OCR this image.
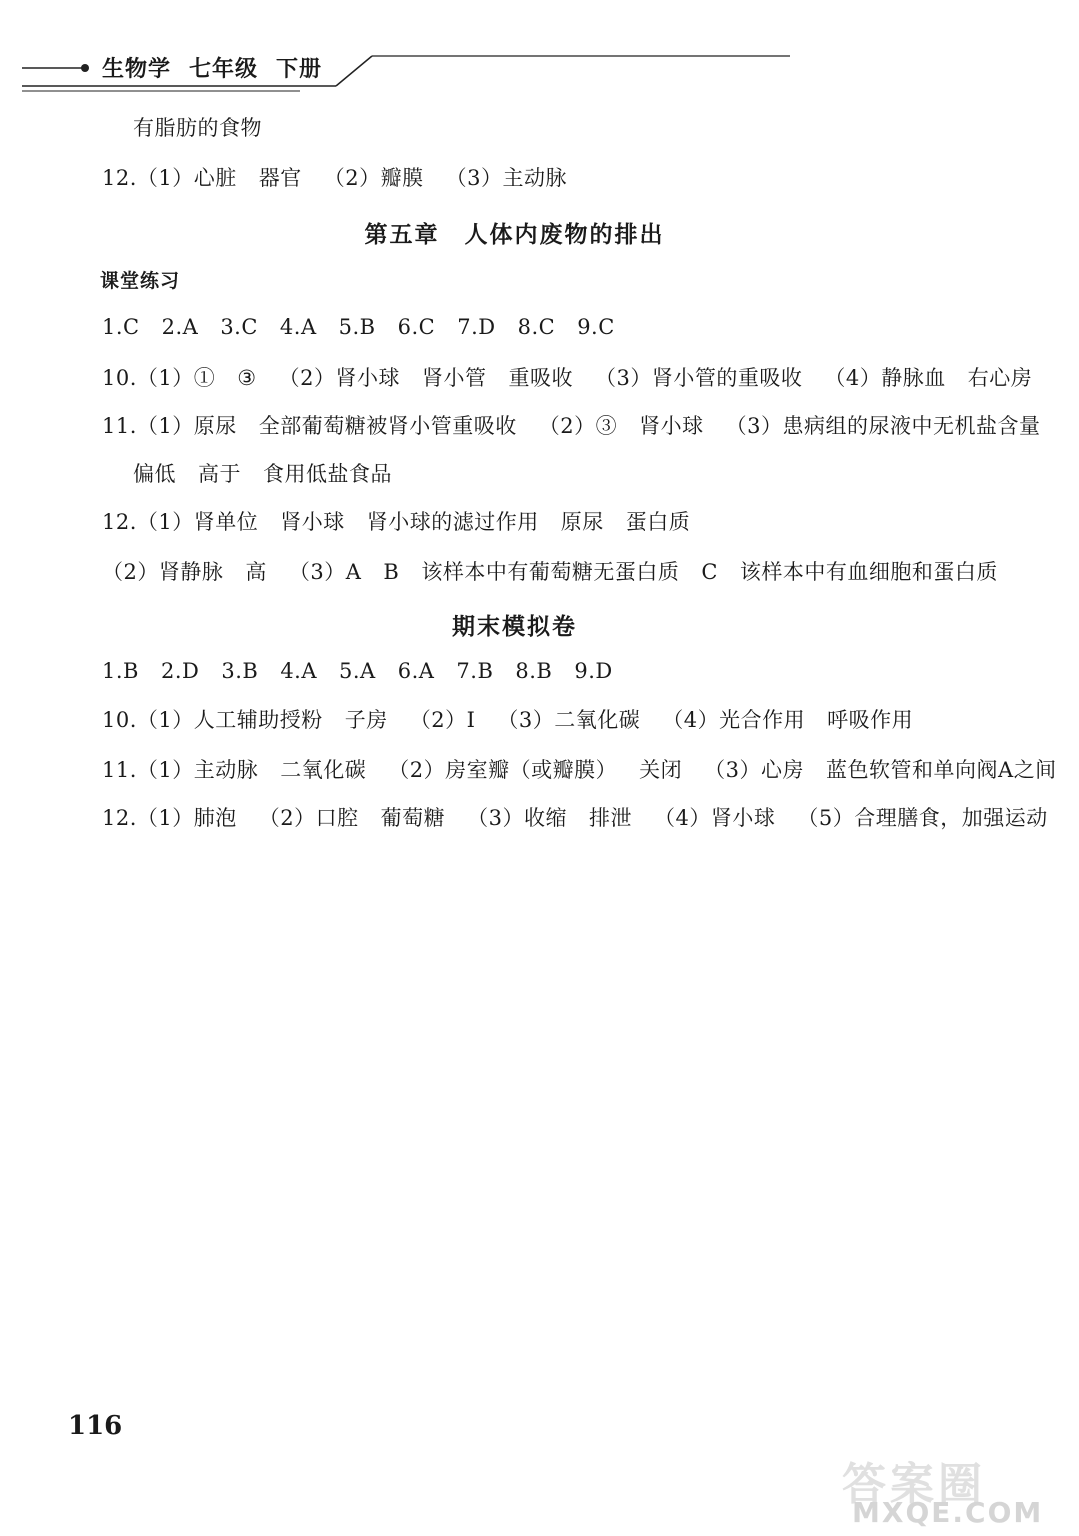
生物学 七年级 下册
有脂肪的食物
12.（1）心脏 器官 （2）瓣膜 （3）主动脉
第五章　人体内废物的排出
课堂练习
1.C 2.A 3.C 4.A 5.B 6.C 7.D 8.C 9.C
10.（1）① ③ （2）肾小球 肾小管 重吸收 （3）肾小管的重吸收 （4）静脉血 右心房
11.（1）原尿 全部葡萄糖被肾小管重吸收 （2）③ 肾小球 （3）患病组的尿液中无机盐含量
偏低 高于 食用低盐食品
12.（1）肾单位 肾小球 肾小球的滤过作用 原尿 蛋白质
（2）肾静脉 高 （3）A B 该样本中有葡萄糖无蛋白质 C 该样本中有血细胞和蛋白质
期末模拟卷
1.B 2.D 3.B 4.A 5.A 6.A 7.B 8.B 9.D
10.（1）人工辅助授粉 子房 （2）Ⅰ （3）二氧化碳 （4）光合作用 呼吸作用
11.（1）主动脉 二氧化碳 （2）房室瓣（或瓣膜） 关闭 （3）心房 蓝色软管和单向阀A之间
12.（1）肺泡 （2）口腔 葡萄糖 （3）收缩 排泄 （4）肾小球 （5）合理膳食，加强运动
116
答案圈
MXQE.COM
